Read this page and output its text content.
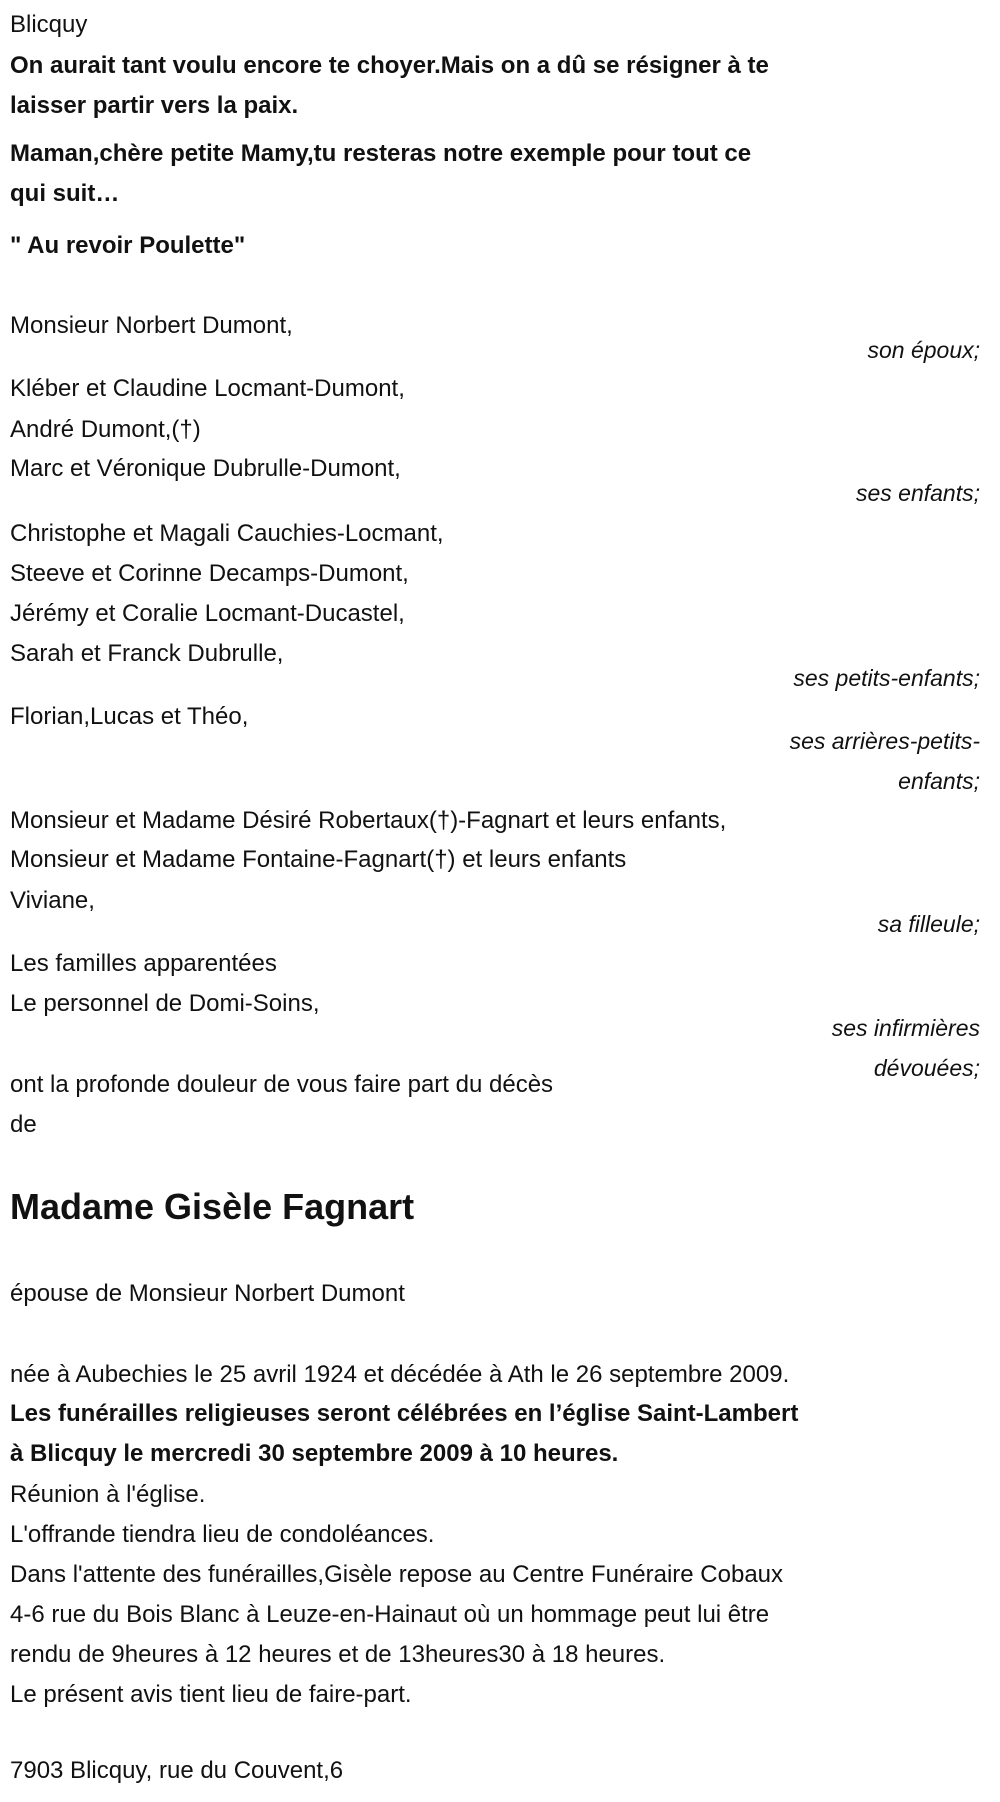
Blicquy
On aurait tant voulu encore te choyer.Mais on a dû se résigner à te
laisser partir vers la paix.
Maman,chère petite Mamy,tu resteras notre exemple pour tout ce
qui suit…
" Au revoir Poulette"
Monsieur Norbert Dumont,
son époux;
Kléber et Claudine Locmant-Dumont,
André Dumont,(†)
Marc et Véronique Dubrulle-Dumont,
ses enfants;
Christophe et Magali Cauchies-Locmant,
Steeve et Corinne Decamps-Dumont,
Jérémy et Coralie Locmant-Ducastel,
Sarah et Franck Dubrulle,
ses petits-enfants;
Florian,Lucas et Théo,
ses arrières-petits-
enfants;
Monsieur et Madame Désiré Robertaux(†)-Fagnart et leurs enfants,
Monsieur et Madame Fontaine-Fagnart(†) et leurs enfants
Viviane,
sa filleule;
Les familles apparentées
Le personnel de Domi-Soins,
ses infirmières
dévouées;
ont la profonde douleur de vous faire part du décès
de
Madame Gisèle Fagnart
épouse de Monsieur Norbert Dumont
née à Aubechies le 25 avril 1924 et décédée à Ath le 26 septembre 2009.
Les funérailles religieuses seront célébrées en l’église Saint-Lambert
à Blicquy le mercredi 30 septembre 2009 à 10 heures.
Réunion à l'église.
L'offrande tiendra lieu de condoléances.
Dans l'attente des funérailles,Gisèle repose au Centre Funéraire Cobaux
4-6 rue du Bois Blanc à Leuze-en-Hainaut où un hommage peut lui être
rendu de 9heures à 12 heures et de 13heures30 à 18 heures.
Le présent avis tient lieu de faire-part.
7903 Blicquy, rue du Couvent,6
